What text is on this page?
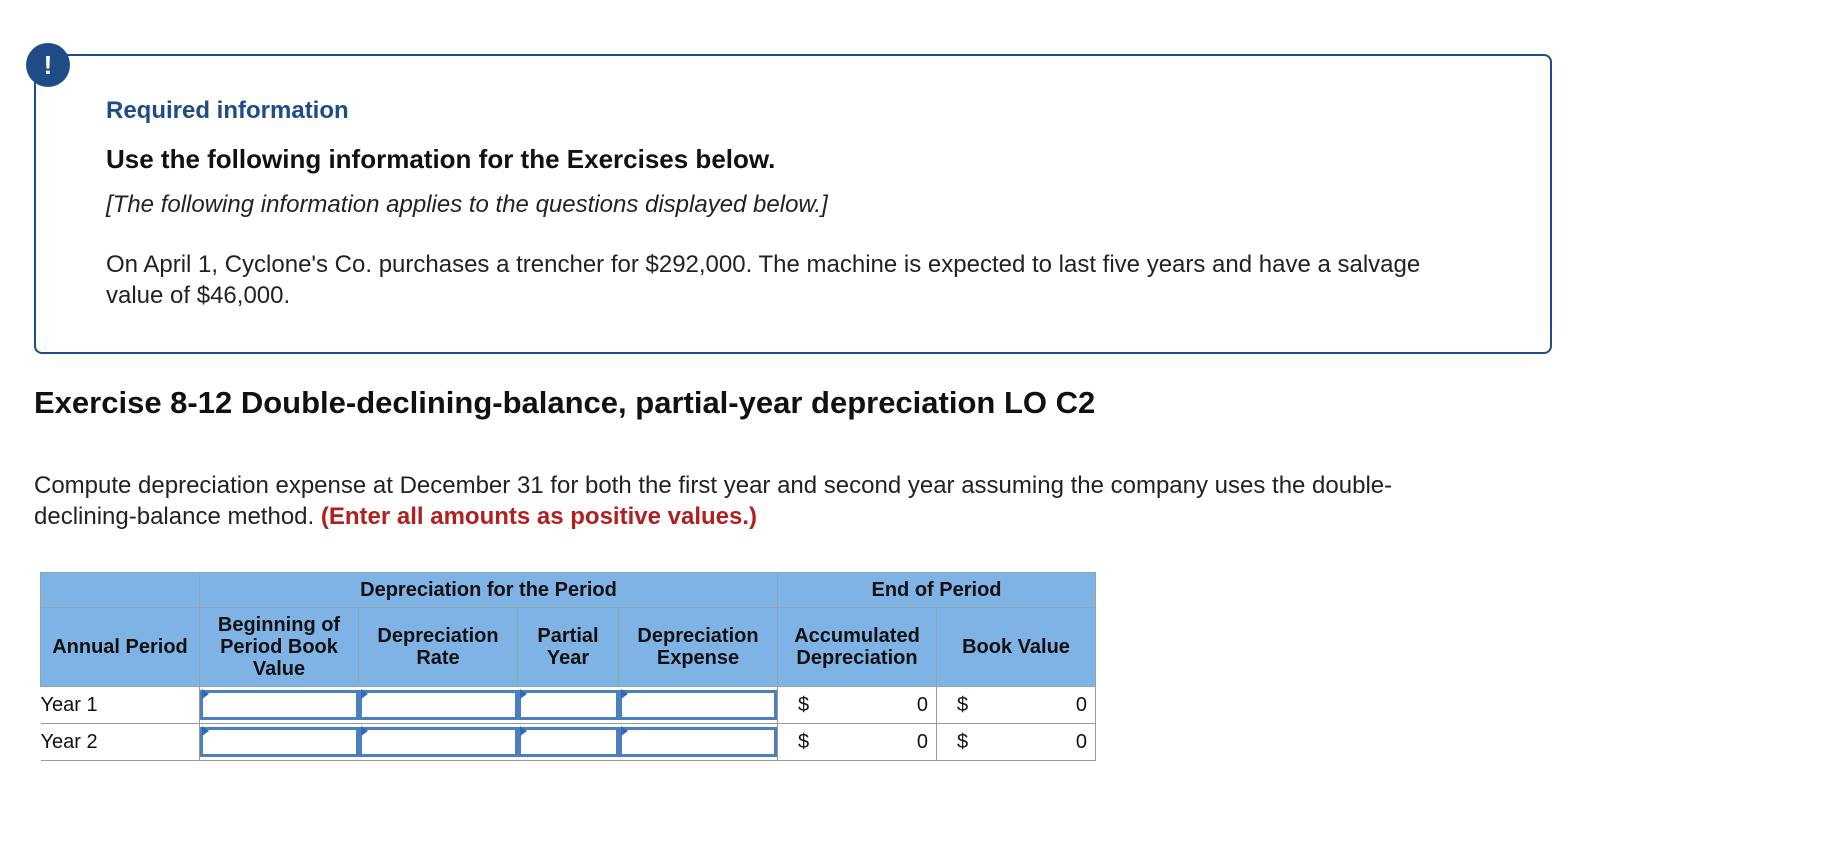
Required information
Use the following information for the Exercises below.
[The following information applies to the questions displayed below.]
On April 1, Cyclone's Co. purchases a trencher for $292,000. The machine is expected to last five years and have a salvage value of $46,000.
!
Exercise 8-12 Double-declining-balance, partial-year depreciation LO C2
Compute depreciation expense at December 31 for both the first year and second year assuming the company uses the double-declining-balance method. (Enter all amounts as positive values.)
	Depreciation for the Period				End of Period	
Annual Period	Beginning of Period Book Value	Depreciation Rate	Partial Year	Depreciation Expense	Accumulated Depreciation	Book Value
Year 1					$ 0	$ 0

Year 2					$ 0	$ 0
